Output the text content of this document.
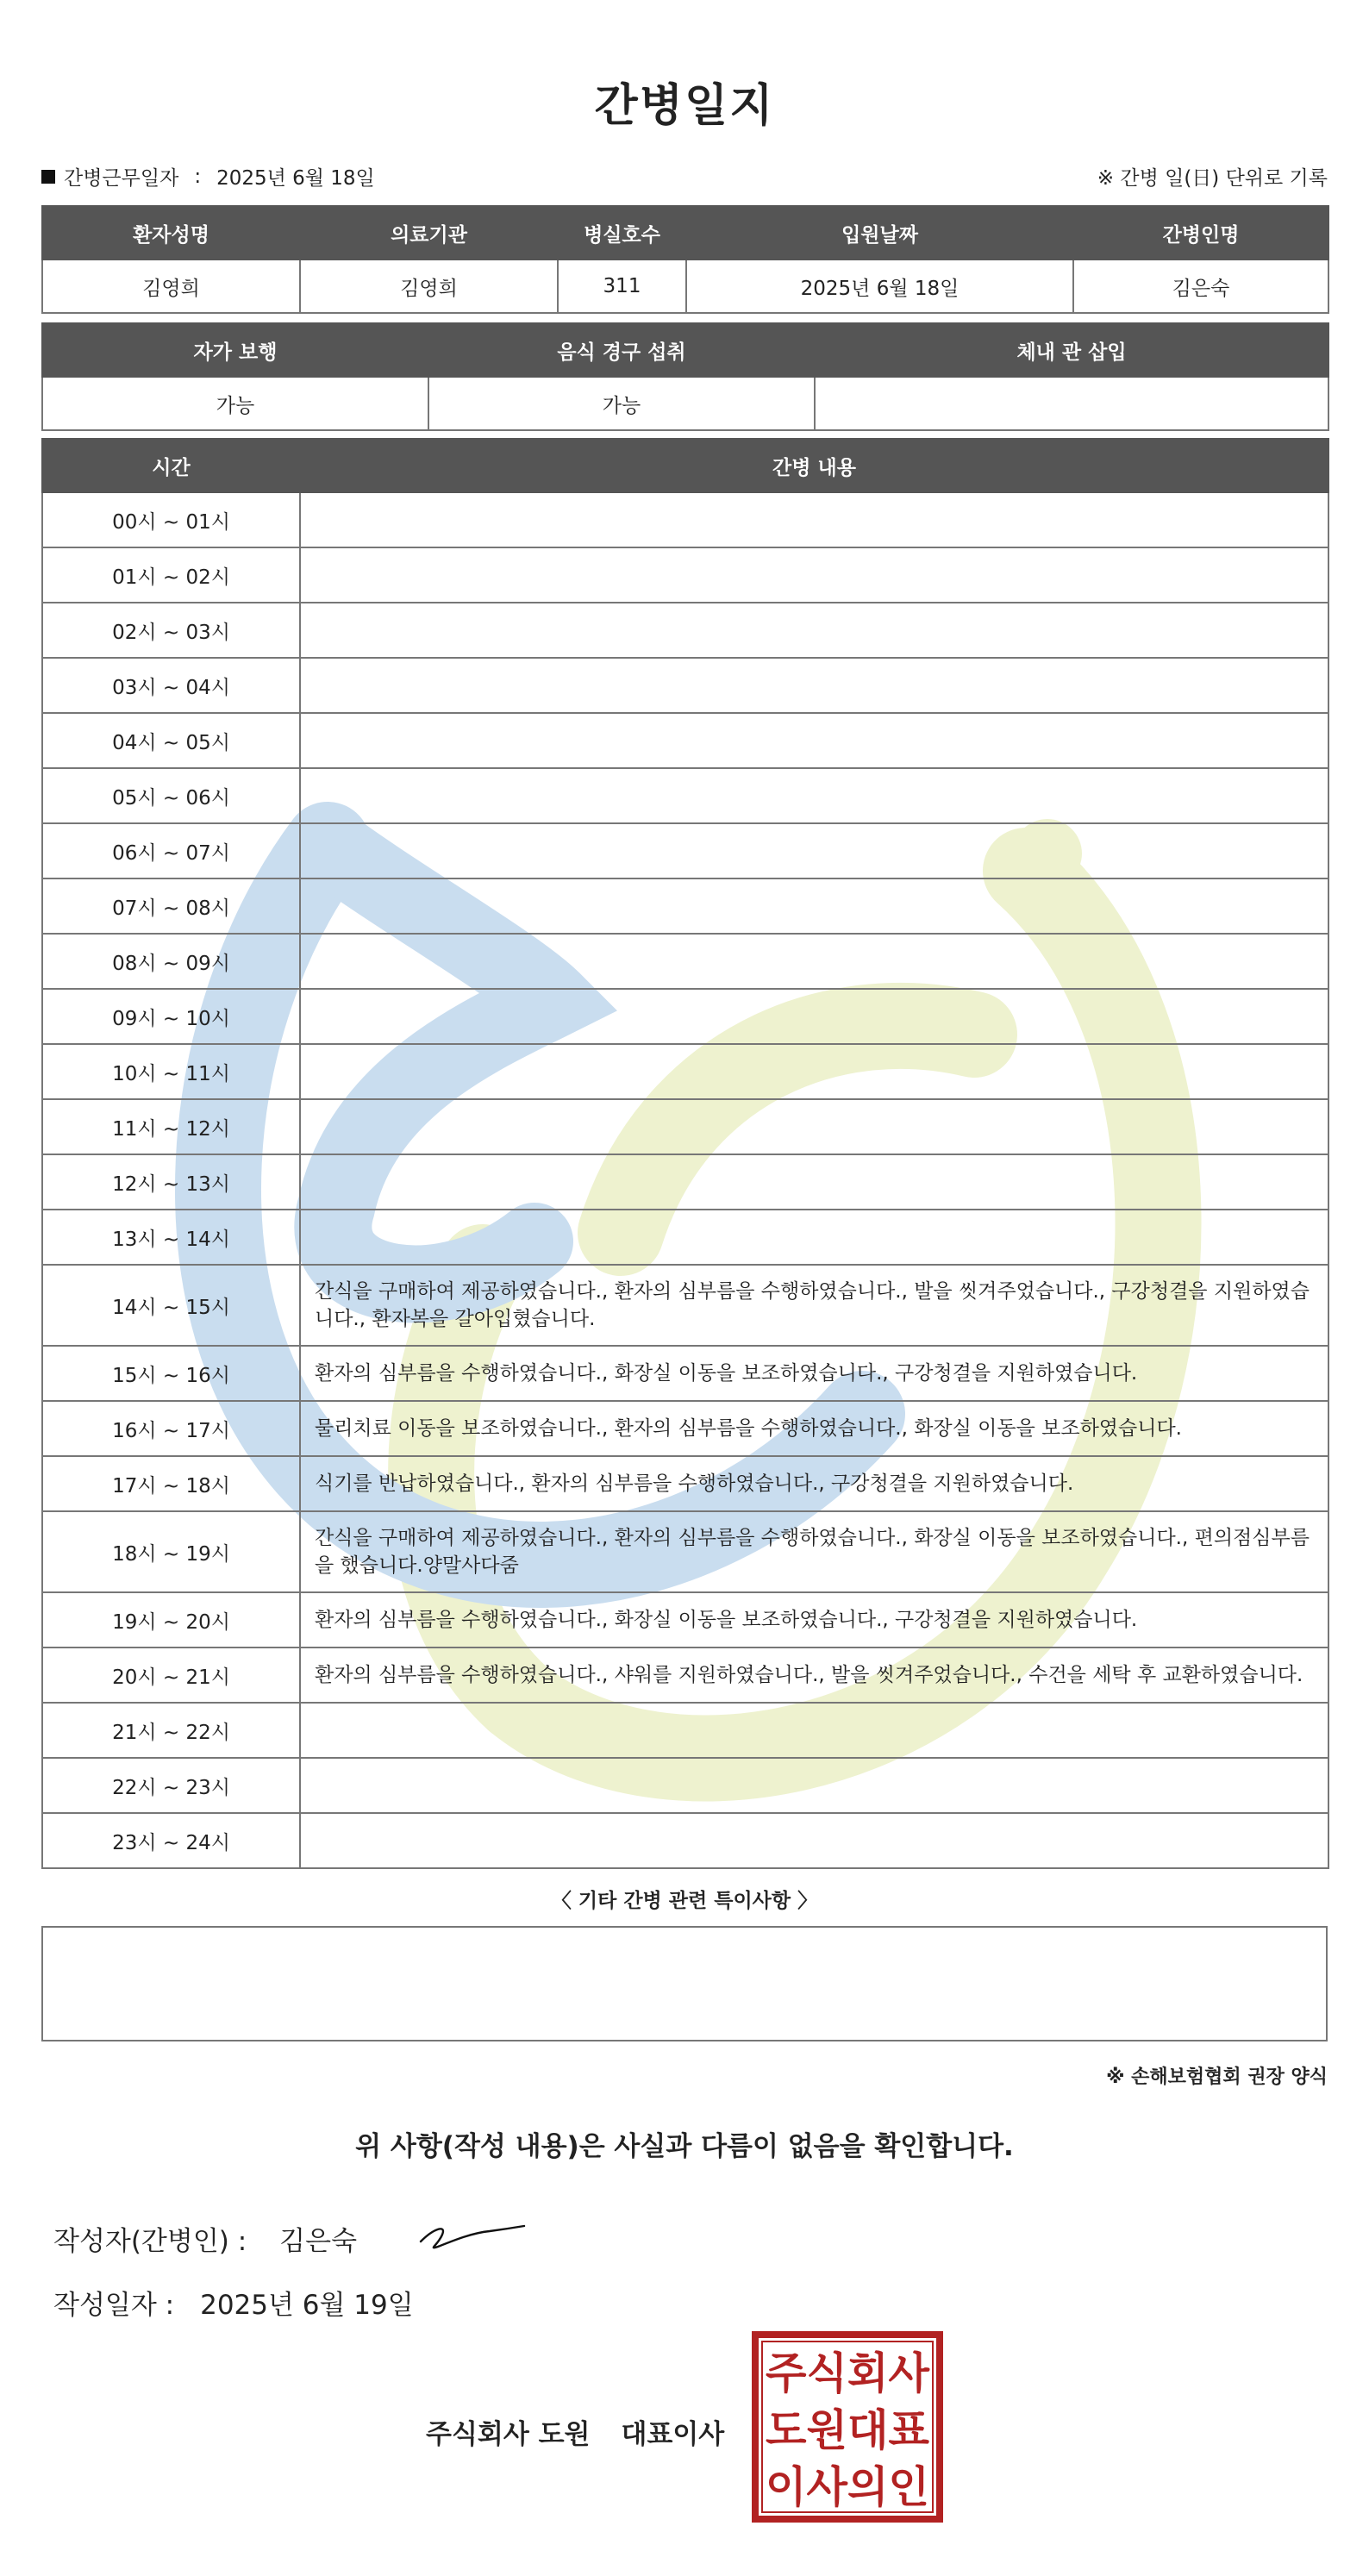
간병일지
간병근무일자 : 2025년 6월 18일	※ 간병 일(日) 단위로 기록
환자성명	의료기관	병실호수	입원날짜	간병인명
김영희	김영희	311	2025년 6월 18일	김은숙
자가 보행	음식 경구 섭취	체내 관 삽입
가능	가능	
시간	간병 내용
00시 ~ 01시	
01시 ~ 02시	
02시 ~ 03시	
03시 ~ 04시	
04시 ~ 05시	
05시 ~ 06시	
06시 ~ 07시	
07시 ~ 08시	
08시 ~ 09시	
09시 ~ 10시	
10시 ~ 11시	
11시 ~ 12시	
12시 ~ 13시	
13시 ~ 14시	
14시 ~ 15시	간식을 구매하여 제공하였습니다., 환자의 심부름을 수행하였습니다., 발을 씻겨주었습니다., 구강청결을 지원하였습니다., 환자복을 갈아입혔습니다.
15시 ~ 16시	환자의 심부름을 수행하였습니다., 화장실 이동을 보조하였습니다., 구강청결을 지원하였습니다.
16시 ~ 17시	물리치료 이동을 보조하였습니다., 환자의 심부름을 수행하였습니다., 화장실 이동을 보조하였습니다.
17시 ~ 18시	식기를 반납하였습니다., 환자의 심부름을 수행하였습니다., 구강청결을 지원하였습니다.
18시 ~ 19시	간식을 구매하여 제공하였습니다., 환자의 심부름을 수행하였습니다., 화장실 이동을 보조하였습니다., 편의점심부름을 했습니다.양말사다줌
19시 ~ 20시	환자의 심부름을 수행하였습니다., 화장실 이동을 보조하였습니다., 구강청결을 지원하였습니다.
20시 ~ 21시	환자의 심부름을 수행하였습니다., 샤워를 지원하였습니다., 발을 씻겨주었습니다., 수건을 세탁 후 교환하였습니다.
21시 ~ 22시	
22시 ~ 23시	
23시 ~ 24시	
〈 기타 간병 관련 특이사항 〉
※ 손해보험협회 권장 양식
위 사항(작성 내용)은 사실과 다름이 없음을 확인합니다.
작성자(간병인) : 김은숙
작성일자 : 2025년 6월 19일
주식회사 도원 대표이사
주식회사
도원대표
이사의인
